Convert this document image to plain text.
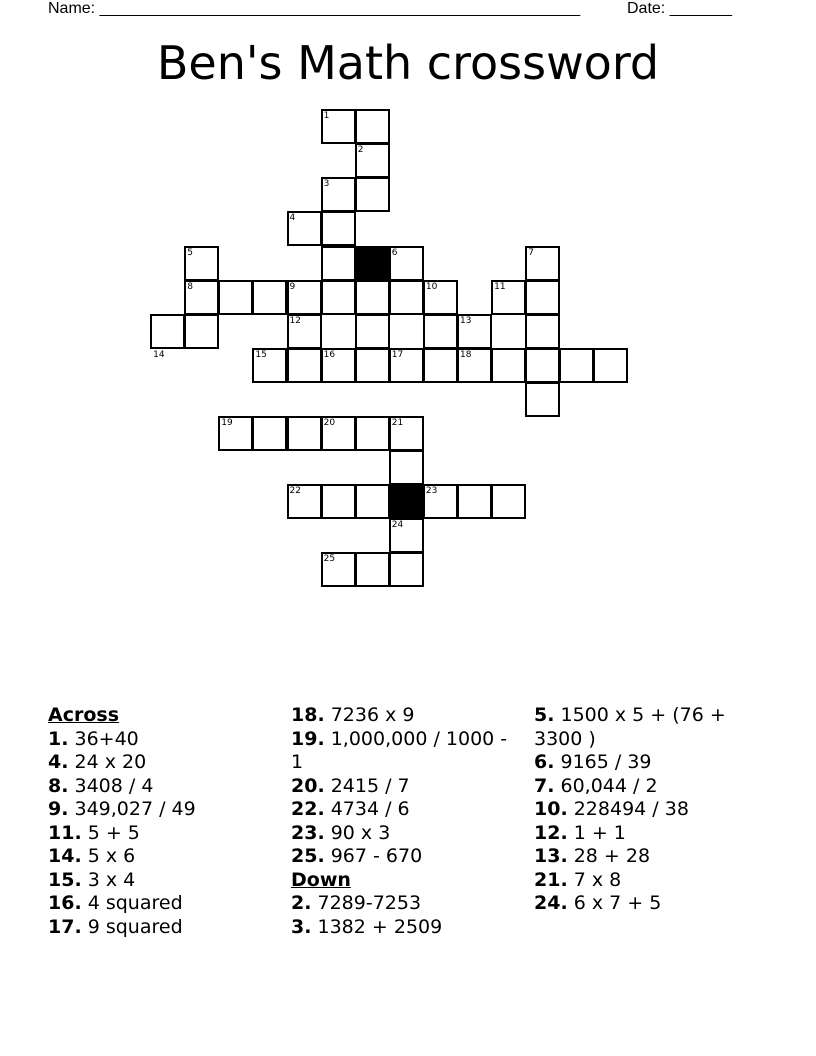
Name: ______________________________________________________	Date: _______
Ben's Math crossword
1
2
3
4
5	6	7
8	9	10	11
12	13
14	15	16	17	18
19	20	21
22	23
24
25
Across
1. 36+40
4. 24 x 20
8. 3408 / 4
9. 349,027 / 49
11. 5 + 5
14. 5 x 6
15. 3 x 4
16. 4 squared
17. 9 squared
18. 7236 x 9
19. 1,000,000 / 1000 - 1
20. 2415 / 7
22. 4734 / 6
23. 90 x 3
25. 967 - 670
Down
2. 7289-7253
3. 1382 + 2509
5. 1500 x 5 + (76 + 3300 )
6. 9165 / 39
7. 60,044 / 2
10. 228494 / 38
12. 1 + 1
13. 28 + 28
21. 7 x 8
24. 6 x 7 + 5
